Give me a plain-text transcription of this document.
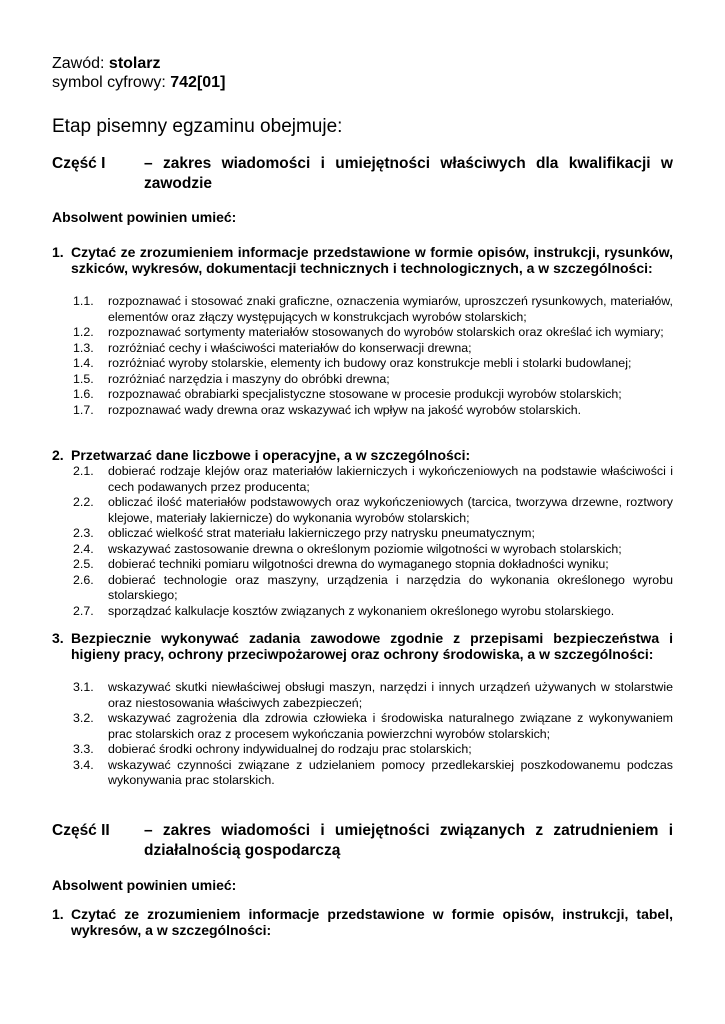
Zawód: stolarz
symbol cyfrowy: 742[01]
Etap pisemny egzaminu obejmuje:
Część I – zakres wiadomości i umiejętności właściwych dla kwalifikacji w zawodzie
Absolwent powinien umieć:
1. Czytać ze zrozumieniem informacje przedstawione w formie opisów, instrukcji, rysunków, szkiców, wykresów, dokumentacji technicznych i technologicznych, a w szczególności:
1.1. rozpoznawać i stosować znaki graficzne, oznaczenia wymiarów, uproszczeń rysunkowych, materiałów, elementów oraz złączy występujących w konstrukcjach wyrobów stolarskich;
1.2. rozpoznawać sortymenty materiałów stosowanych do wyrobów stolarskich oraz określać ich wymiary;
1.3. rozróżniać cechy i właściwości materiałów do konserwacji drewna;
1.4. rozróżniać wyroby stolarskie, elementy ich budowy oraz konstrukcje mebli i stolarki budowlanej;
1.5. rozróżniać narzędzia i maszyny do obróbki drewna;
1.6. rozpoznawać obrabiarki specjalistyczne stosowane w procesie produkcji wyrobów stolarskich;
1.7. rozpoznawać wady drewna oraz wskazywać ich wpływ na jakość wyrobów stolarskich.
2. Przetwarzać dane liczbowe i operacyjne, a w szczególności:
2.1. dobierać rodzaje klejów oraz materiałów lakierniczych i wykończeniowych na podstawie właściwości i cech podawanych przez producenta;
2.2. obliczać ilość materiałów podstawowych oraz wykończeniowych (tarcica, tworzywa drzewne, roztwory klejowe, materiały lakiernicze) do wykonania wyrobów stolarskich;
2.3. obliczać wielkość strat materiału lakierniczego przy natrysku pneumatycznym;
2.4. wskazywać zastosowanie drewna o określonym poziomie wilgotności w wyrobach stolarskich;
2.5. dobierać techniki pomiaru wilgotności drewna do wymaganego stopnia dokładności wyniku;
2.6. dobierać technologie oraz maszyny, urządzenia i narzędzia do wykonania określonego wyrobu stolarskiego;
2.7. sporządzać kalkulacje kosztów związanych z wykonaniem określonego wyrobu stolarskiego.
3. Bezpiecznie wykonywać zadania zawodowe zgodnie z przepisami bezpieczeństwa i higieny pracy, ochrony przeciwpożarowej oraz ochrony środowiska, a w szczególności:
3.1. wskazywać skutki niewłaściwej obsługi maszyn, narzędzi i innych urządzeń używanych w stolarstwie oraz niestosowania właściwych zabezpieczeń;
3.2. wskazywać zagrożenia dla zdrowia człowieka i środowiska naturalnego związane z wykonywaniem prac stolarskich oraz z procesem wykończania powierzchni wyrobów stolarskich;
3.3. dobierać środki ochrony indywidualnej do rodzaju prac stolarskich;
3.4. wskazywać czynności związane z udzielaniem pomocy przedlekarskiej poszkodowanemu podczas wykonywania prac stolarskich.
Część II – zakres wiadomości i umiejętności związanych z zatrudnieniem i działalnością gospodarczą
Absolwent powinien umieć:
1. Czytać ze zrozumieniem informacje przedstawione w formie opisów, instrukcji, tabel, wykresów, a w szczególności:
